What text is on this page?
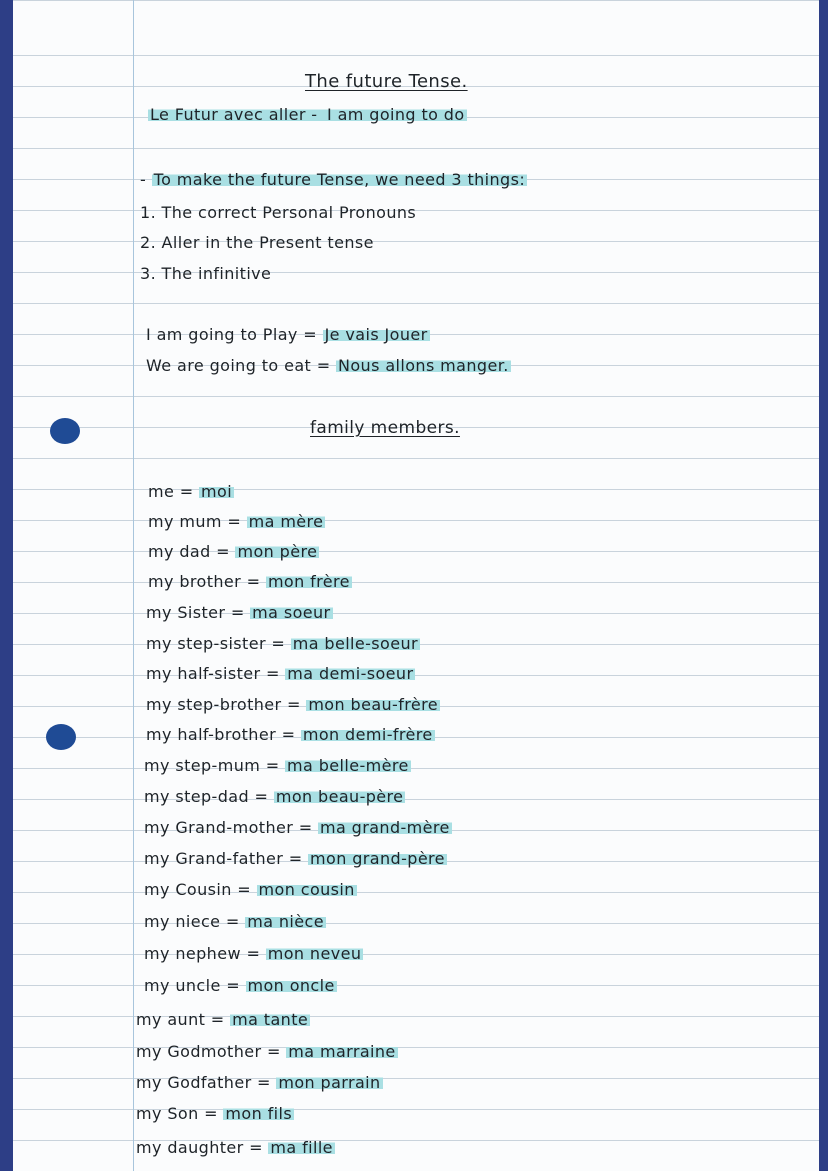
The future Tense.
Le Futur avec aller - I am going to do
- To make the future Tense, we need 3 things:
1. The correct Personal Pronouns
2. Aller in the Present tense
3. The infinitive
I am going to Play = Je vais Jouer
We are going to eat = Nous allons manger.
family members.
me = moi
my mum = ma mère
my dad = mon père
my brother = mon frère
my Sister = ma soeur
my step-sister = ma belle-soeur
my half-sister = ma demi-soeur
my step-brother = mon beau-frère
my half-brother = mon demi-frère
my step-mum = ma belle-mère
my step-dad = mon beau-père
my Grand-mother = ma grand-mère
my Grand-father = mon grand-père
my Cousin = mon cousin
my niece = ma nièce
my nephew = mon neveu
my uncle = mon oncle
my aunt = ma tante
my Godmother = ma marraine
my Godfather = mon parrain
my Son = mon fils
my daughter = ma fille
